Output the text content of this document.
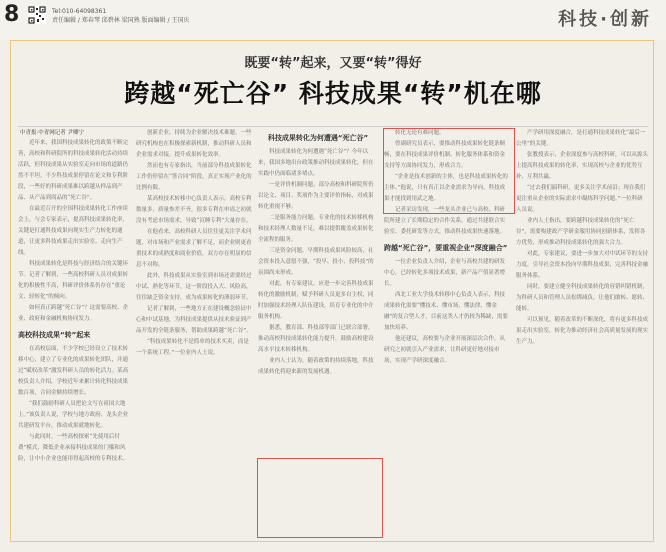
8	Tel:010-64098361
责任编辑 / 郑春琴 邱碧林 梁国熟 版面编辑 / 王国庆	科技·创新
既要“转”起来，又要“转”得好
跨越“死亡谷” 科技成果“转”机在哪
中青报·中青网记者 尹卿宁

近年来，我国科技成果转化的政策不断完善，高校和科研院所的科技成果转化活动持续活跃，但科技成果从实验室走向市场的道路仍然不平坦。不少科技成果停留在论文和专利阶段，一些好的科研成果难以跨越从样品到产品、从产品到商品的“死亡谷”。

在最近召开的全国科技成果转化工作座谈会上，与会专家表示，提高科技成果转化率，关键是打通科技成果向现实生产力转化的通道，让更多科技成果走出实验室、走向生产线。

科技成果转化是科技与经济结合的关键环节。记者了解到，一些高校科研人员对成果转化的积极性不高，科研评价体系仍存在“重论文、轻转化”的倾向。

如何真正跨越“死亡谷”？这需要高校、企业、政府和金融机构协同发力。

高校科技成果“转”起来

在高校层面，不少学校已经设立了技术转移中心，建立了专业化的成果转化团队，并通过“赋权改革”激发科研人员的转化活力。某高校负责人介绍，学校近年来累计转化科技成果数百项，合同金额持续增长。

“我们鼓励科研人员把论文写在祖国大地上。”该负责人说，学校与地方政府、龙头企业共建研发平台，推动成果就地转化。

与此同时，一些高校探索“先使用后付费”模式，降低企业承接科技成果的门槛和风险，让中小企业也能用得起高校的专利技术。

创新企业，持续为企业解决技术难题。一些研究机构也在积极探索新机制，推动科研人员和企业需求对接，提升成果转化效率。

然而也有专家指出，当前部分科技成果转化工作仍停留在“签合同”阶段，真正实现产业化的比例有限。

某高校技术转移中心负责人表示，高校专利数量多、质量参差不齐，很多专利在申请之初就没有考虑市场需求，导致“沉睡专利”大量存在。

在他看来，高校科研人员往往更关注学术问题，对市场和产业需求了解不足，而企业则更看重技术的成熟度和商业价值，双方存在明显的信息不对称。

此外，科技成果从实验室到市场还需要经过中试、熟化等环节，这一阶段投入大、风险高，往往缺乏资金支持，成为成果转化的薄弱环节。

记者了解到，一些地方正在建设概念验证中心和中试基地，为科技成果提供从技术验证到产品开发的全链条服务，帮助成果跨越“死亡谷”。

“科技成果转化不是简单的技术买卖，而是一个系统工程。”一位业内人士说。

科技成果转化为何遭遇“死亡谷”

科技成果转化为何遭遇“死亡谷”？今年以来，我国多地出台政策推动科技成果转化，但在实践中仍面临诸多堵点。

一是评价机制问题。部分高校和科研院所仍以论文、项目、奖项作为主要评价指标，对成果转化重视不够。

二是服务能力问题。专业化的技术转移机构和技术经理人数量不足，难以提供覆盖成果转化全流程的服务。

三是资金问题。早期科技成果风险较高，社会资本投入意愿不强，“投早、投小、投科技”的氛围尚未形成。

对此，有专家建议，应进一步完善科技成果转化的激励机制，赋予科研人员更多自主权，同时加强技术经理人队伍建设，培育专业化的中介服务机构。

据悉，教育部、科技部等部门已联合部署，推动高校科技成果转化能力提升，鼓励高校建设高水平技术转移机构。

业内人士认为，随着政策的持续落地，科技成果转化将迎来新的发展机遇。

转化无论有难同题。

曾副研究员表示，要推动科技成果转化链条顺畅，要在科技成果评价机制、转化服务体系和资金支持等方面协同发力，形成合力。

“企业是技术创新的主体，也是科技成果转化的主体。”他说，只有真正以企业需求为导向，科技成果才能找到用武之地。

记者采访发现，一些龙头企业已与高校、科研院所建立了长期稳定的合作关系，通过共建联合实验室、委托研发等方式，推动科技成果快速落地。

跨越“死亡谷”，要重视企业“深度融合”

一位企业负责人介绍，企业与高校共建的研发中心，已经转化多项技术成果，新产品产值显著增长。

西北工业大学技术转移中心负责人表示，科技成果转化需要“懂技术、懂市场、懂法律、懂金融”的复合型人才，目前这类人才仍较为稀缺，需要加快培养。

他还建议，高校要与企业开展深层次合作，从研究之初就引入产业需求，让科研更好地对接市场，实现产学研深度融合。

产学研用深度融合，是打通科技成果转化“最后一公里”的关键。

张教授表示，企业深度参与高校科研，可以从源头上提高科技成果的转化率，实现高校与企业的优势互补、互利共赢。

“过去我们搞科研，更多关注学术前沿；现在我们更注重从企业的实际需求中凝练科学问题。”一位科研人员说。

业内人士指出，要跨越科技成果转化的“死亡谷”，需要构建政产学研金服用协同创新体系，发挥各方优势，形成推动科技成果转化的强大合力。

对此，专家建议，要进一步加大对中试环节的支持力度，引导社会资本投向早期科技成果，完善科技金融服务体系。

同时，要建立健全科技成果转化的容错纠错机制，为科研人员和管理人员松绑减负，让他们敢转、愿转、能转。

可以预见，随着改革的不断深化，将有更多科技成果走出实验室，转化为推动经济社会高质量发展的现实生产力。
